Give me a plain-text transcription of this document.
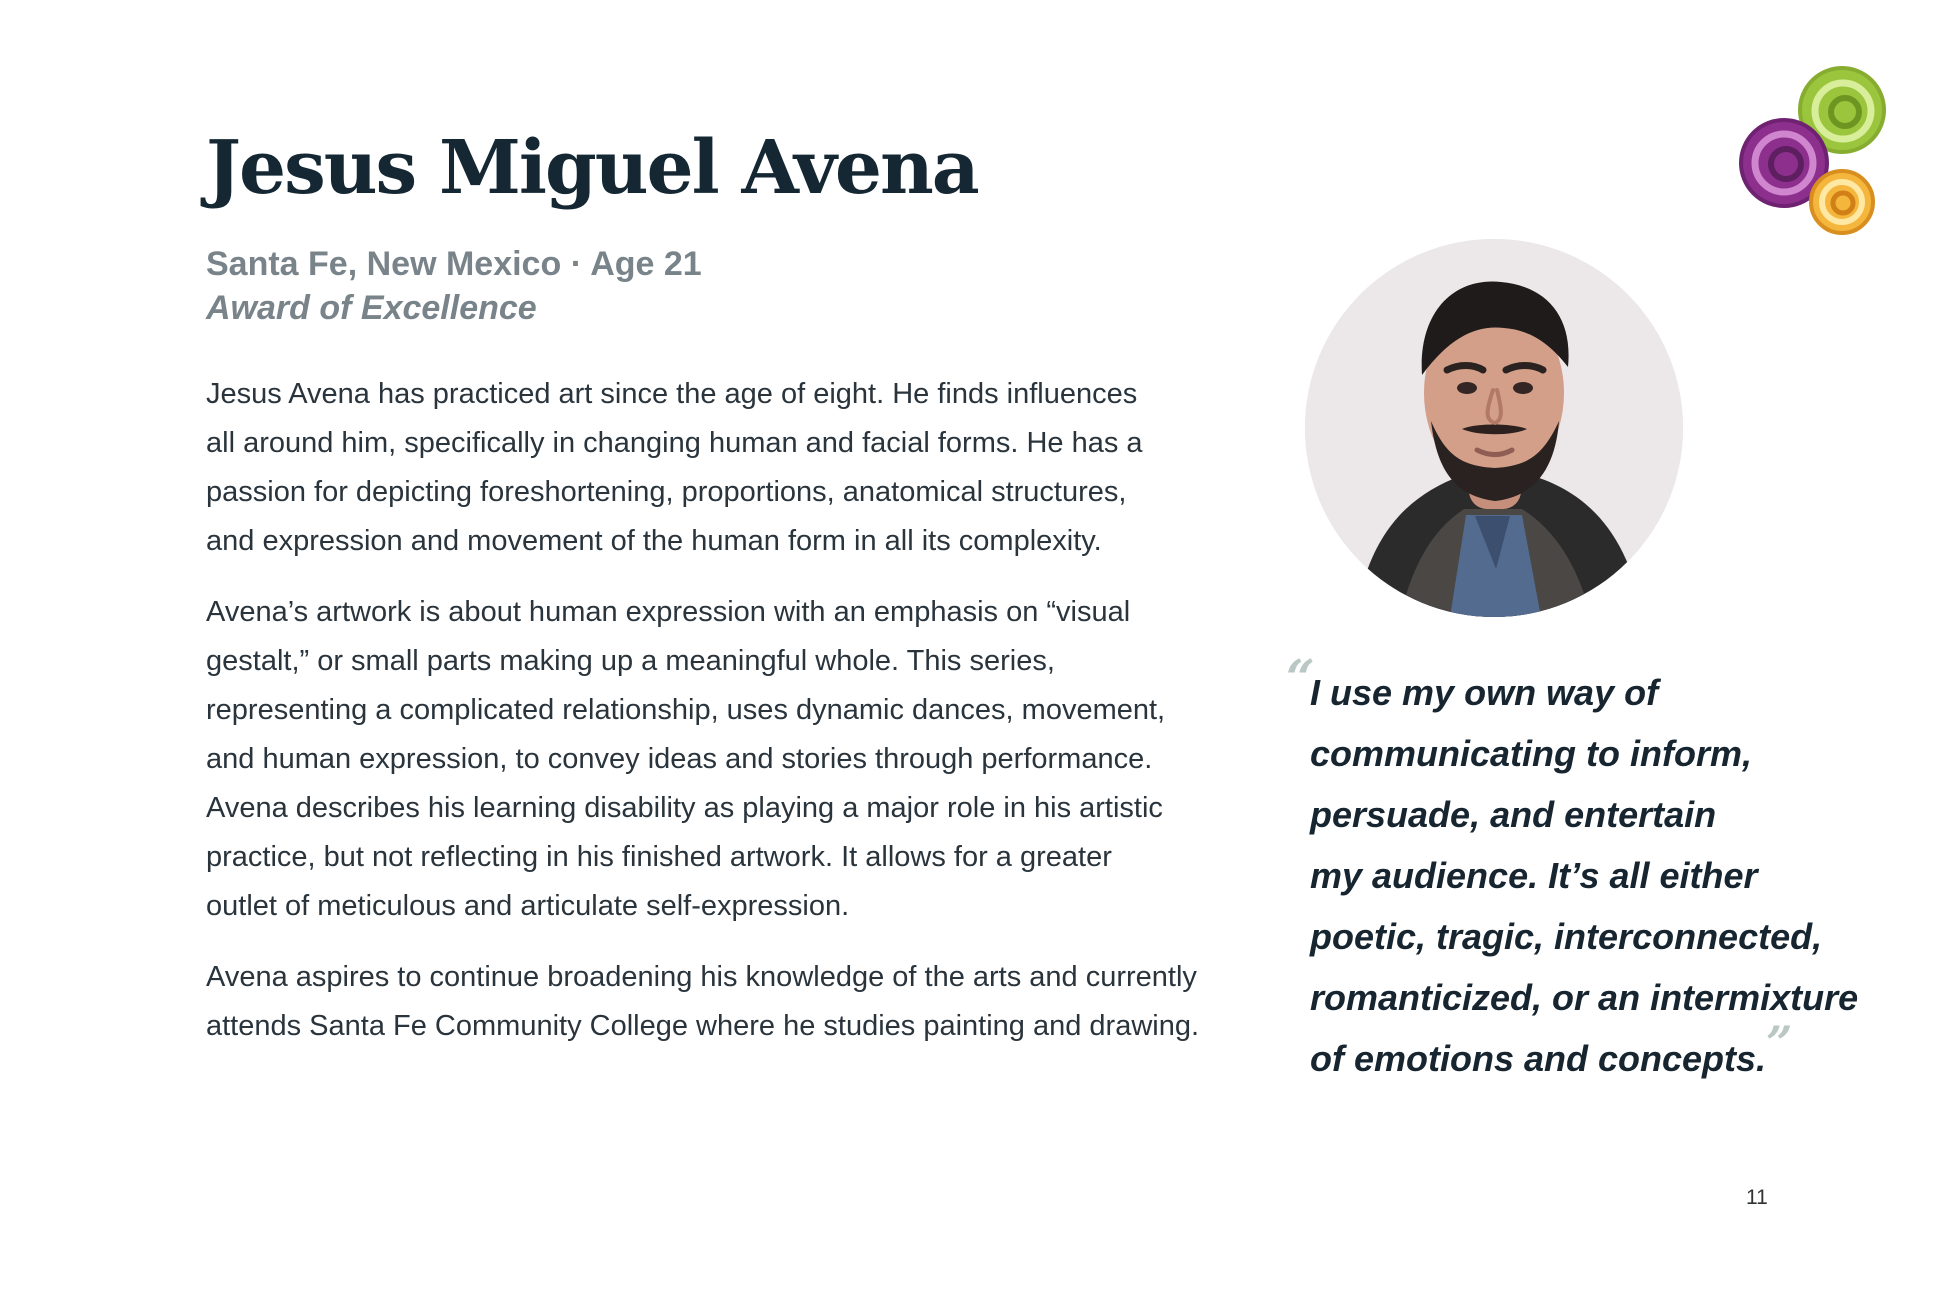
Jesus Miguel Avena
Santa Fe, New Mexico · Age 21
Award of Excellence

Jesus Avena has practiced art since the age of eight. He finds influences
all around him, specifically in changing human and facial forms. He has a
passion for depicting foreshortening, proportions, anatomical structures,
and expression and movement of the human form in all its complexity.

Avena’s artwork is about human expression with an emphasis on “visual
gestalt,” or small parts making up a meaningful whole. This series,
representing a complicated relationship, uses dynamic dances, movement,
and human expression, to convey ideas and stories through performance.
Avena describes his learning disability as playing a major role in his artistic
practice, but not reflecting in his finished artwork. It allows for a greater
outlet of meticulous and articulate self-expression.

Avena aspires to continue broadening his knowledge of the arts and currently
attends Santa Fe Community College where he studies painting and drawing.

“
I use my own way of
communicating to inform,
persuade, and entertain
my audience. It’s all either
poetic, tragic, interconnected,
romanticized, or an intermixture
of emotions and concepts.”
11
